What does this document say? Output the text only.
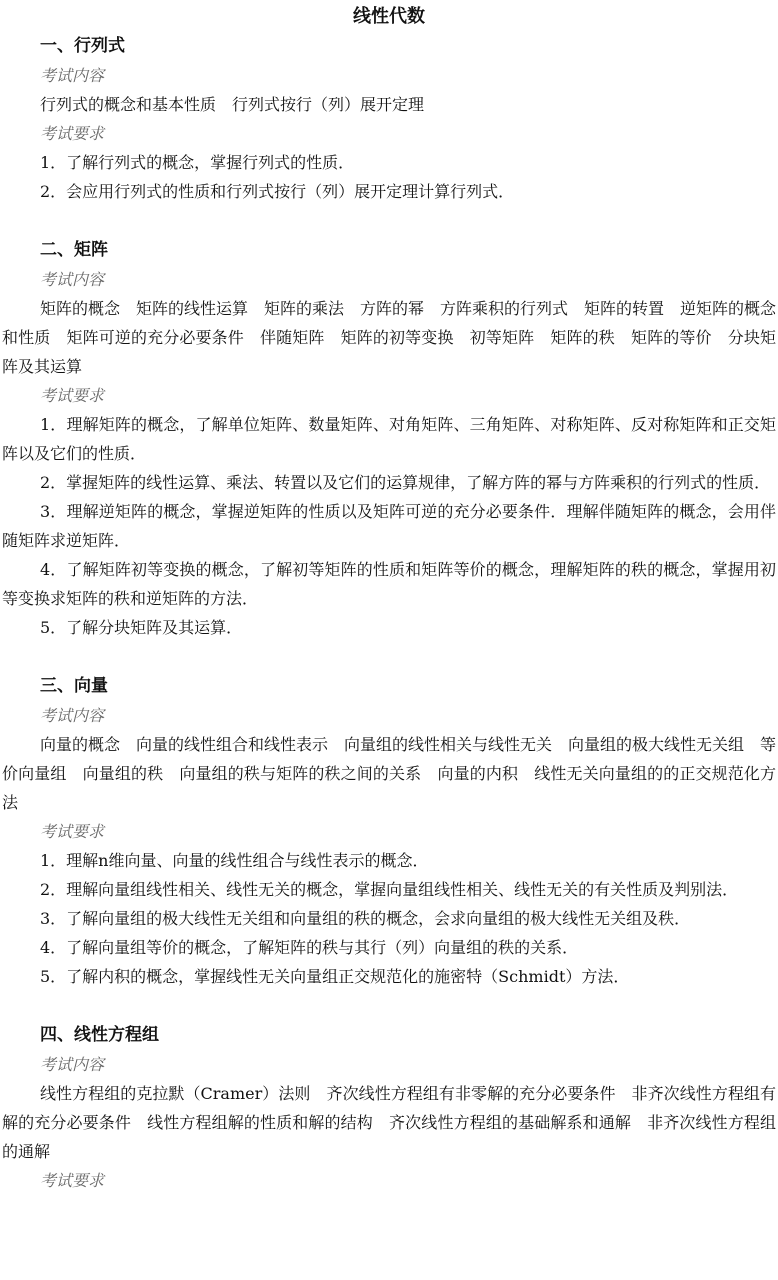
线性代数
一、行列式
考试内容
行列式的概念和基本性质　行列式按行（列）展开定理
考试要求
1．了解行列式的概念，掌握行列式的性质．
2．会应用行列式的性质和行列式按行（列）展开定理计算行列式．
二、矩阵
考试内容
矩阵的概念　矩阵的线性运算　矩阵的乘法　方阵的幂　方阵乘积的行列式　矩阵的转置　逆矩阵的概念和性质　矩阵可逆的充分必要条件　伴随矩阵　矩阵的初等变换　初等矩阵　矩阵的秩　矩阵的等价　分块矩阵及其运算
考试要求
1．理解矩阵的概念，了解单位矩阵、数量矩阵、对角矩阵、三角矩阵、对称矩阵、反对称矩阵和正交矩阵以及它们的性质．
2．掌握矩阵的线性运算、乘法、转置以及它们的运算规律，了解方阵的幂与方阵乘积的行列式的性质．
3．理解逆矩阵的概念，掌握逆矩阵的性质以及矩阵可逆的充分必要条件．理解伴随矩阵的概念，会用伴随矩阵求逆矩阵．
4．了解矩阵初等变换的概念，了解初等矩阵的性质和矩阵等价的概念，理解矩阵的秩的概念，掌握用初等变换求矩阵的秩和逆矩阵的方法．
5．了解分块矩阵及其运算．
三、向量
考试内容
向量的概念　向量的线性组合和线性表示　向量组的线性相关与线性无关　向量组的极大线性无关组　等价向量组　向量组的秩　向量组的秩与矩阵的秩之间的关系　向量的内积　线性无关向量组的的正交规范化方法
考试要求
1．理解n维向量、向量的线性组合与线性表示的概念．
2．理解向量组线性相关、线性无关的概念，掌握向量组线性相关、线性无关的有关性质及判别法．
3．了解向量组的极大线性无关组和向量组的秩的概念，会求向量组的极大线性无关组及秩．
4．了解向量组等价的概念，了解矩阵的秩与其行（列）向量组的秩的关系．
5．了解内积的概念，掌握线性无关向量组正交规范化的施密特（Schmidt）方法．
四、线性方程组
考试内容
线性方程组的克拉默（Cramer）法则　齐次线性方程组有非零解的充分必要条件　非齐次线性方程组有解的充分必要条件　线性方程组解的性质和解的结构　齐次线性方程组的基础解系和通解　非齐次线性方程组的通解
考试要求
